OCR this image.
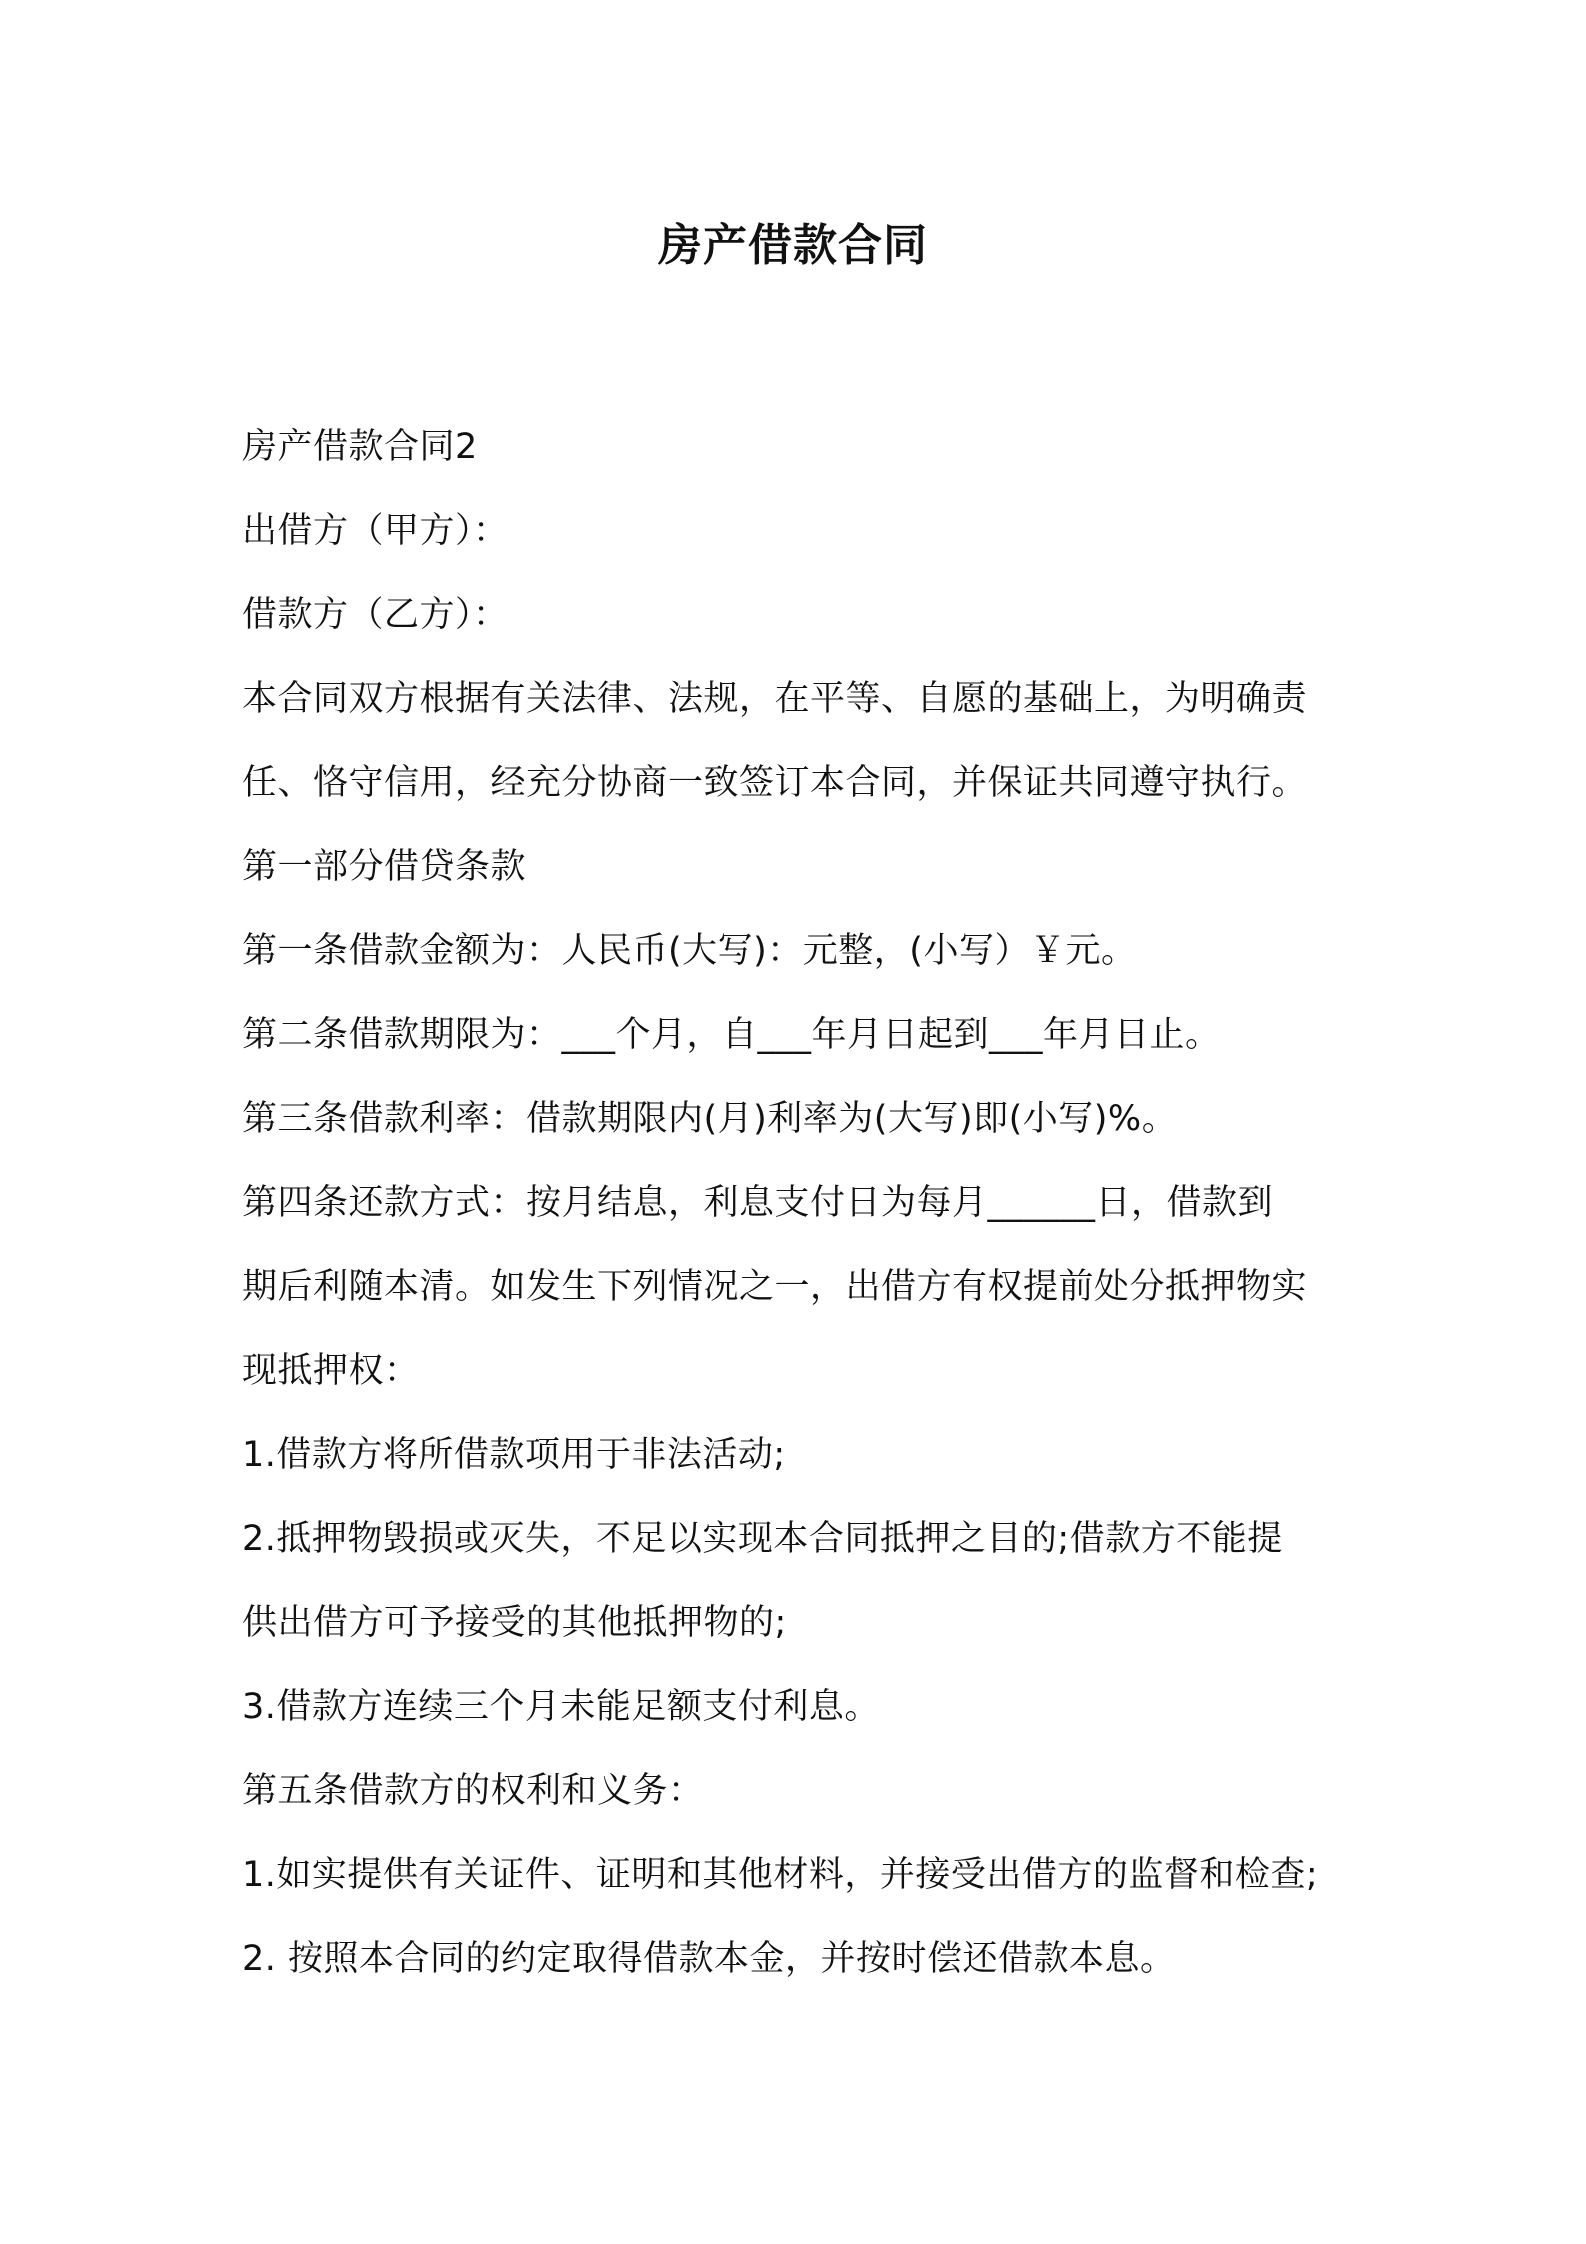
房产借款合同
房产借款合同2
出借方（甲方）：
借款方（乙方）：
本合同双方根据有关法律、法规，在平等、自愿的基础上，为明确责
任、恪守信用，经充分协商一致签订本合同，并保证共同遵守执行。
第一部分借贷条款
第一条借款金额为：人民币(大写)：元整，(小写）￥元。
第二条借款期限为：___个月，自___年月日起到___年月日止。
第三条借款利率：借款期限内(月)利率为(大写)即(小写)%。
第四条还款方式：按月结息，利息支付日为每月______日，借款到
期后利随本清。如发生下列情况之一，出借方有权提前处分抵押物实
现抵押权：
1.借款方将所借款项用于非法活动;
2.抵押物毁损或灭失，不足以实现本合同抵押之目的;借款方不能提
供出借方可予接受的其他抵押物的;
3.借款方连续三个月未能足额支付利息。
第五条借款方的权利和义务：
1.如实提供有关证件、证明和其他材料，并接受出借方的监督和检查;
2. 按照本合同的约定取得借款本金，并按时偿还借款本息。
